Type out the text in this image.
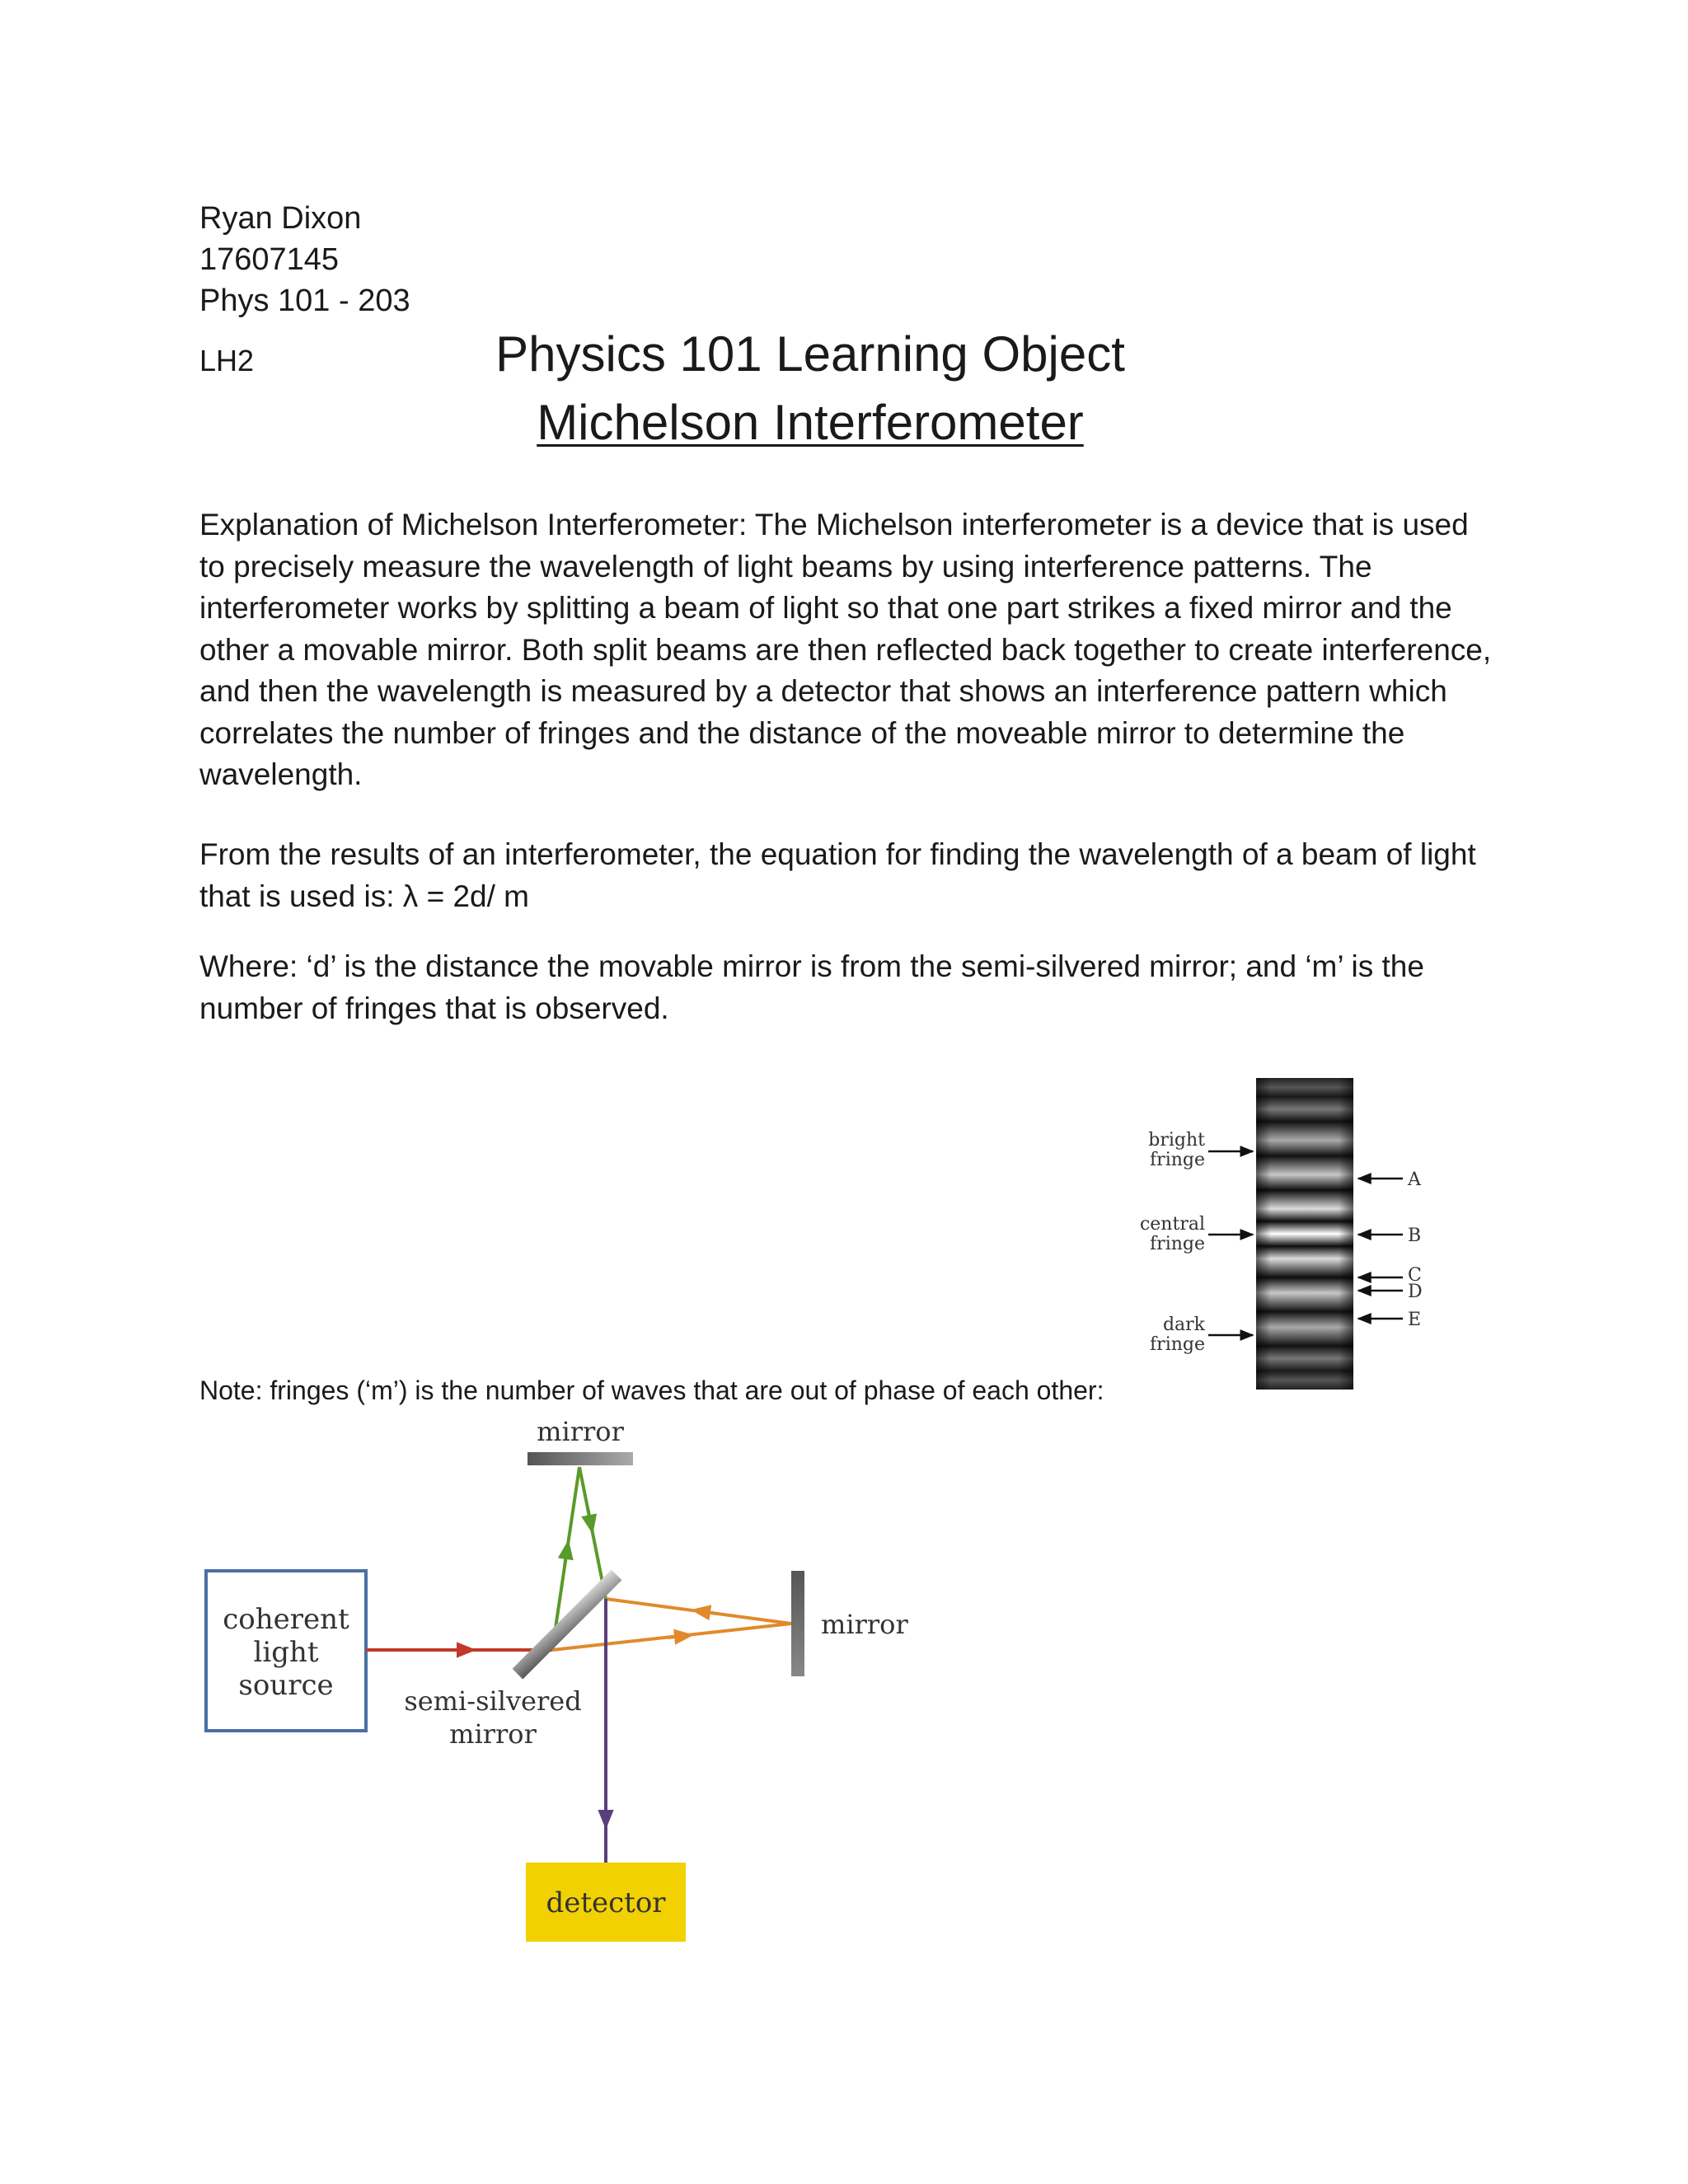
Ryan Dixon
17607145
Phys 101 - 203
LH2	Physics 101 Learning Object
Michelson Interferometer
Explanation of Michelson Interferometer: The Michelson interferometer is a device that is used to precisely measure the wavelength of light beams by using interference patterns. The interferometer works by splitting a beam of light so that one part strikes a fixed mirror and the other a movable mirror. Both split beams are then reflected back together to create interference, and then the wavelength is measured by a detector that shows an interference pattern which correlates the number of fringes and the distance of the moveable mirror to determine the wavelength.
From the results of an interferometer, the equation for finding the wavelength of a beam of light that is used is: λ = 2d/ m
Where: ‘d’ is the distance the movable mirror is from the semi-silvered mirror; and ‘m’ is the number of fringes that is observed.
Note: fringes (‘m’) is the number of waves that are out of phase of each other:
bright
fringe
central
fringe
dark
fringe
A
B
C
D
E
coherent
light
source
mirror
mirror
semi-silvered
mirror
detector
